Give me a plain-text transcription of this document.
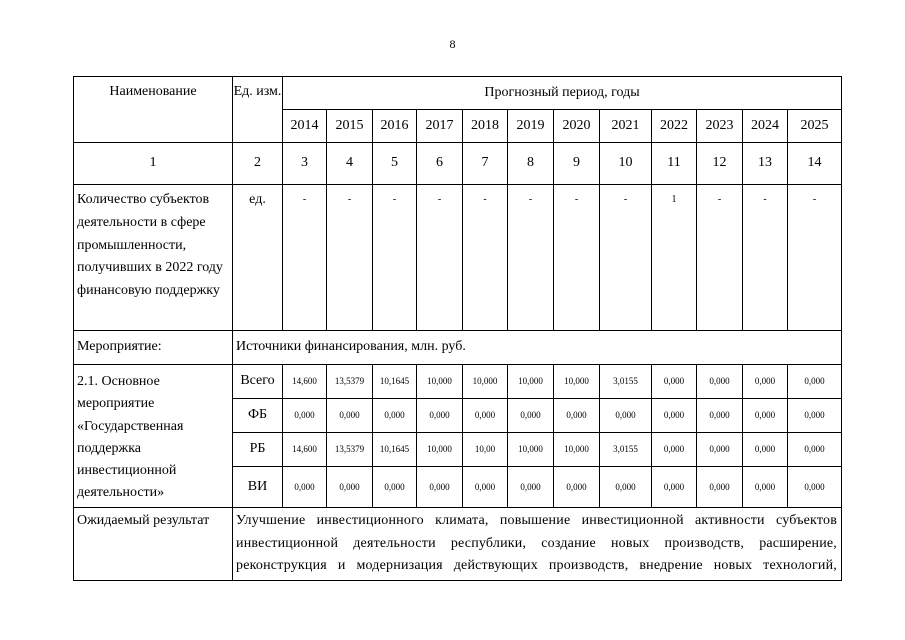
8
Наименование	Ед. изм.	Прогнозный период, годы											
		2014	2015	2016	2017	2018	2019	2020	2021	2022	2023	2024	2025
1	2	3	4	5	6	7	8	9	10	11	12	13	14
Количество субъектов деятельности в сфере промышленности, получивших в 2022 году финансовую поддержку	ед.	-	-	-	-	-	-	-	-	1	-	-	-
Мероприятие:	Источники финансирования, млн. руб.												
2.1. Основное мероприятие «Государственная поддержка инвестиционной деятельности»	Всего	14,600	13,5379	10,1645	10,000	10,000	10,000	10,000	3,0155	0,000	0,000	0,000	0,000
	ФБ	0,000	0,000	0,000	0,000	0,000	0,000	0,000	0,000	0,000	0,000	0,000	0,000
	РБ	14,600	13,5379	10,1645	10,000	10,00	10,000	10,000	3,0155	0,000	0,000	0,000	0,000
	ВИ	0,000	0,000	0,000	0,000	0,000	0,000	0,000	0,000	0,000	0,000	0,000	0,000
Ожидаемый результат	Улучшение инвестиционного климата, повышение инвестиционной активности субъектов
инвестиционной деятельности республики, создание новых производств, расширение,
реконструкция и модернизация действующих производств, внедрение новых технологий,												
